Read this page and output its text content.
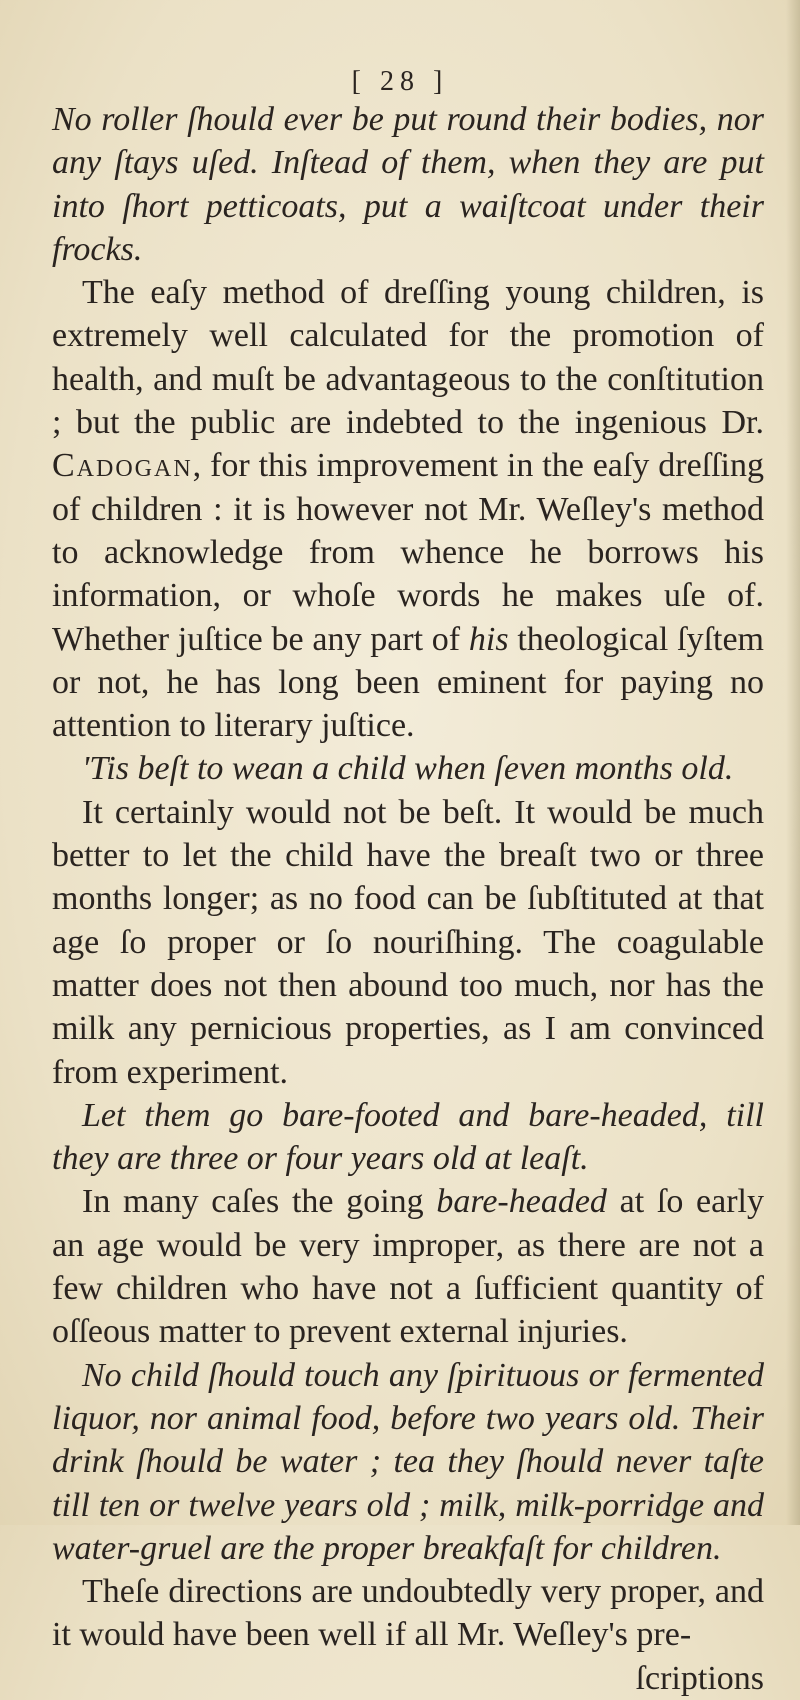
[ 28 ]

No roller ſhould ever be put round their bodies, nor any ſtays uſed. Inſtead of them, when they are put into ſhort petticoats, put a waiſtcoat under their frocks.

The eaſy method of dreſſing young children, is extremely well calculated for the promotion of health, and muſt be advantageous to the conſtitution ; but the public are indebted to the ingenious Dr. Cadogan, for this improvement in the eaſy dreſſing of children : it is however not Mr. Weſley's method to acknowledge from whence he borrows his information, or whoſe words he makes uſe of. Whether juſtice be any part of his theological ſyſtem or not, he has long been eminent for paying no attention to literary juſtice.

'Tis beſt to wean a child when ſeven months old.

It certainly would not be beſt. It would be much better to let the child have the breaſt two or three months longer; as no food can be ſubſtituted at that age ſo proper or ſo nouriſhing. The coagulable matter does not then abound too much, nor has the milk any pernicious properties, as I am convinced from experiment.

Let them go bare-footed and bare-headed, till they are three or four years old at leaſt.

In many caſes the going bare-headed at ſo early an age would be very improper, as there are not a few children who have not a ſufficient quantity of oſſeous matter to prevent external injuries.

No child ſhould touch any ſpirituous or fermented liquor, nor animal food, before two years old. Their drink ſhould be water ; tea they ſhould never taſte till ten or twelve years old ; milk, milk-porridge and water-gruel are the proper breakfaſt for children.

Theſe directions are undoubtedly very proper, and it would have been well if all Mr. Weſley's pre-

ſcriptions
